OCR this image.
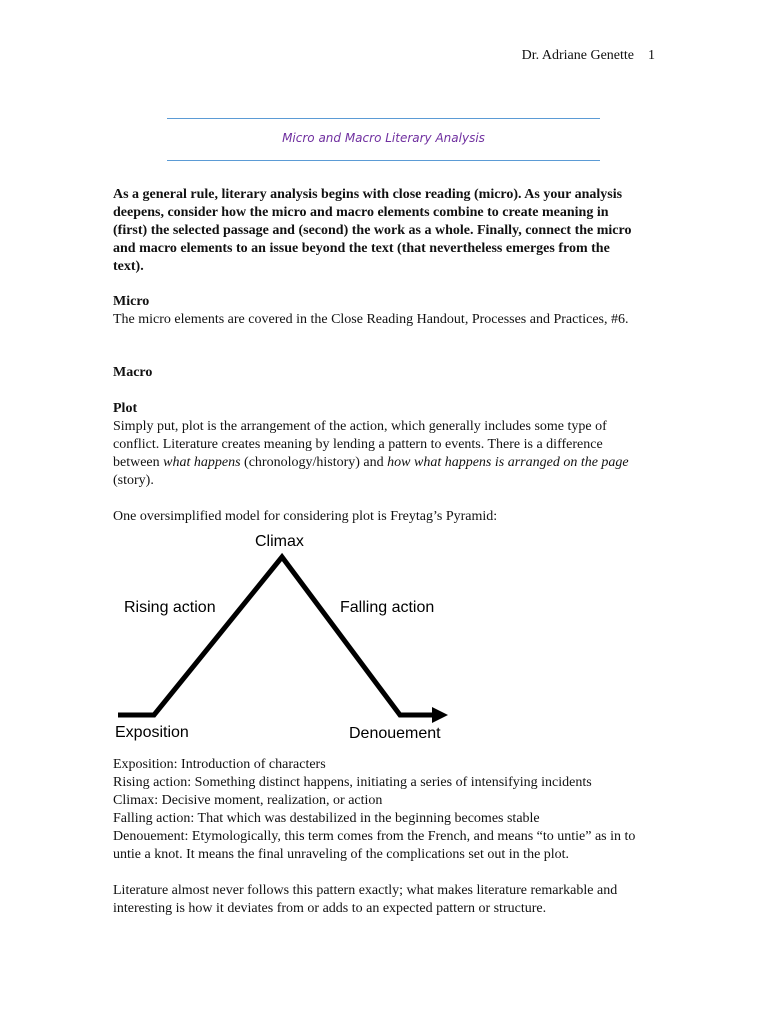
Dr. Adriane Genette 1
Micro and Macro Literary Analysis

As a general rule, literary analysis begins with close reading (micro). As your analysis deepens, consider how the micro and macro elements combine to create meaning in (first) the selected passage and (second) the work as a whole. Finally, connect the micro and macro elements to an issue beyond the text (that nevertheless emerges from the text).

Micro

The micro elements are covered in the Close Reading Handout, Processes and Practices, #6.

Macro
Plot

Simply put, plot is the arrangement of the action, which generally includes some type of conflict. Literature creates meaning by lending a pattern to events. There is a difference between what happens (chronology/history) and how what happens is arranged on the page (story).

One oversimplified model for considering plot is Freytag’s Pyramid:

Climax
Rising action	Falling action
Exposition	Denouement
Exposition: Introduction of characters
Rising action: Something distinct happens, initiating a series of intensifying incidents
Climax: Decisive moment, realization, or action
Falling action: That which was destabilized in the beginning becomes stable
Denouement: Etymologically, this term comes from the French, and means “to untie” as in to untie a knot. It means the final unraveling of the complications set out in the plot.

Literature almost never follows this pattern exactly; what makes literature remarkable and interesting is how it deviates from or adds to an expected pattern or structure.
